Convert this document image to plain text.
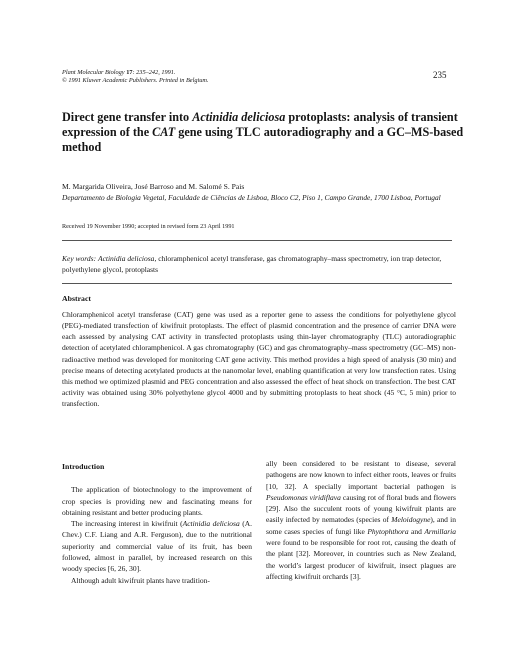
Plant Molecular Biology 17: 235–242, 1991.
© 1991 Kluwer Academic Publishers. Printed in Belgium.
235
Direct gene transfer into Actinidia deliciosa protoplasts: analysis of transient expression of the CAT gene using TLC autoradiography and a GC–MS-based method
M. Margarida Oliveira, José Barroso and M. Salomé S. Pais
Departamento de Biologia Vegetal, Faculdade de Ciências de Lisboa, Bloco C2, Piso 1, Campo Grande, 1700 Lisboa, Portugal
Received 19 November 1990; accepted in revised form 23 April 1991
Key words: Actinidia deliciosa, chloramphenicol acetyl transferase, gas chromatography–mass spectrometry, ion trap detector, polyethylene glycol, protoplasts
Abstract
Chloramphenicol acetyl transferase (CAT) gene was used as a reporter gene to assess the conditions for polyethylene glycol (PEG)-mediated transfection of kiwifruit protoplasts. The effect of plasmid concentration and the presence of carrier DNA were each assessed by analysing CAT activity in transfected protoplasts using thin-layer chromatography (TLC) autoradiographic detection of acetylated chloramphenicol. A gas chromatography (GC) and gas chromatography–mass spectrometry (GC–MS) non-radioactive method was developed for monitoring CAT gene activity. This method provides a high speed of analysis (30 min) and precise means of detecting acetylated products at the nanomolar level, enabling quantification at very low transfection rates. Using this method we optimized plasmid and PEG concentration and also assessed the effect of heat shock on transfection. The best CAT activity was obtained using 30% polyethylene glycol 4000 and by submitting protoplasts to heat shock (45 °C, 5 min) prior to transfection.
Introduction

The application of biotechnology to the improvement of crop species is providing new and fascinating means for obtaining resistant and better producing plants.

The increasing interest in kiwifruit (Actinidia deliciosa (A. Chev.) C.F. Liang and A.R. Ferguson), due to the nutritional superiority and commercial value of its fruit, has been followed, almost in parallel, by increased research on this woody species [6, 26, 30].

Although adult kiwifruit plants have tradition-

ally been considered to be resistant to disease, several pathogens are now known to infect either roots, leaves or fruits [10, 32]. A specially important bacterial pathogen is Pseudomonas viridiflava causing rot of floral buds and flowers [29]. Also the succulent roots of young kiwifruit plants are easily infected by nematodes (species of Meloidogyne), and in some cases species of fungi like Phytophthora and Armillaria were found to be responsible for root rot, causing the death of the plant [32]. Moreover, in countries such as New Zealand, the world’s largest producer of kiwifruit, insect plagues are affecting kiwifruit orchards [3].
